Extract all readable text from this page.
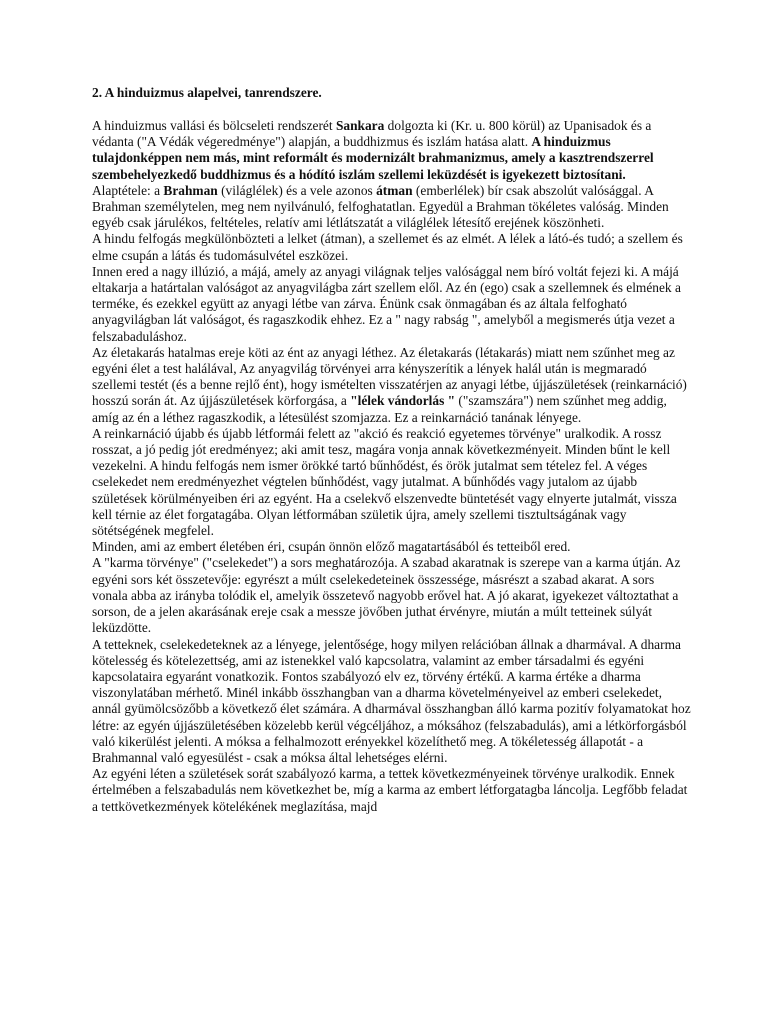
2. A hinduizmus alapelvei, tanrendszere.

A hinduizmus vallási és bölcseleti rendszerét Sankara dolgozta ki (Kr. u. 800 körül) az Upanisadok és a védanta ("A Védák végeredménye") alapján, a buddhizmus és iszlám hatása alatt. A hinduizmus tulajdonképpen nem más, mint reformált és modernizált brahmanizmus, amely a kasztrendszerrel szembehelyezkedő buddhizmus és a hódító iszlám szellemi leküzdését is igyekezett biztosítani.

Alaptétele: a Brahman (világlélek) és a vele azonos átman (emberlélek) bír csak abszolút valósággal. A Brahman személytelen, meg nem nyilvánuló, felfoghatatlan. Egyedül a Brahman tökéletes valóság. Minden egyéb csak járulékos, feltételes, relatív ami létlátszatát a világlélek létesítő erejének köszönheti.

A hindu felfogás megkülönbözteti a lelket (átman), a szellemet és az elmét. A lélek a látó-és tudó; a szellem és elme csupán a látás és tudomásulvétel eszközei.

Innen ered a nagy illúzió, a májá, amely az anyagi világnak teljes valósággal nem bíró voltát fejezi ki. A májá eltakarja a határtalan valóságot az anyagvilágba zárt szellem elől. Az én (ego) csak a szellemnek és elmének a terméke, és ezekkel együtt az anyagi létbe van zárva. Énünk csak önmagában és az általa felfogható anyagvilágban lát valóságot, és ragaszkodik ehhez. Ez a " nagy rabság ", amelyből a megismerés útja vezet a felszabaduláshoz.

Az életakarás hatalmas ereje köti az ént az anyagi léthez. Az életakarás (létakarás) miatt nem szűnhet meg az egyéni élet a test halálával, Az anyagvilág törvényei arra kényszerítik a lények halál után is megmaradó szellemi testét (és a benne rejlő ént), hogy ismételten visszatérjen az anyagi létbe, újjászületések (reinkarnáció) hosszú során át. Az újjászületések körforgása, a "lélek vándorlás " ("szamszára") nem szűnhet meg addig, amíg az én a léthez ragaszkodik, a létesülést szomjazza. Ez a reinkarnáció tanának lényege.

A reinkarnáció újabb és újabb létformái felett az "akció és reakció egyetemes törvénye" uralkodik. A rossz rosszat, a jó pedig jót eredményez; aki amit tesz, magára vonja annak következményeit. Minden bűnt le kell vezekelni. A hindu felfogás nem ismer örökké tartó bűnhődést, és örök jutalmat sem tételez fel. A véges cselekedet nem eredményezhet végtelen bűnhődést, vagy jutalmat. A bűnhődés vagy jutalom az újabb születések körülményeiben éri az egyént. Ha a cselekvő elszenvedte büntetését vagy elnyerte jutalmát, vissza kell térnie az élet forgatagába. Olyan létformában születik újra, amely szellemi tisztultságának vagy sötétségének megfelel.

Minden, ami az embert életében éri, csupán önnön előző magatartásából és tetteiből ered.

A "karma törvénye" ("cselekedet") a sors meghatározója. A szabad akaratnak is szerepe van a karma útján. Az egyéni sors két összetevője: egyrészt a múlt cselekedeteinek összessége, másrészt a szabad akarat. A sors vonala abba az irányba tolódik el, amelyik összetevő nagyobb erővel hat. A jó akarat, igyekezet változtathat a sorson, de a jelen akarásának ereje csak a messze jövőben juthat érvényre, miután a múlt tetteinek súlyát leküzdötte.

A tetteknek, cselekedeteknek az a lényege, jelentősége, hogy milyen relációban állnak a dharmával. A dharma kötelesség és kötelezettség, ami az istenekkel való kapcsolatra, valamint az ember társadalmi és egyéni kapcsolataira egyaránt vonatkozik. Fontos szabályozó elv ez, törvény értékű. A karma értéke a dharma viszonylatában mérhető. Minél inkább összhangban van a dharma követelményeivel az emberi cselekedet, annál gyümölcsözőbb a következő élet számára. A dharmával összhangban álló karma pozitív folyamatokat hoz létre: az egyén újjászületésében közelebb kerül végcéljához, a móksához (felszabadulás), ami a létkörforgásból való kikerülést jelenti. A móksa a felhalmozott erényekkel közelíthető meg. A tökéletesség állapotát - a Brahmannal való egyesülést - csak a móksa által lehetséges elérni.

Az egyéni léten a születések sorát szabályozó karma, a tettek következményeinek törvénye uralkodik. Ennek értelmében a felszabadulás nem következhet be, míg a karma az embert létforgatagba láncolja. Legfőbb feladat a tettkövetkezmények kötelékének meglazítása, majd
